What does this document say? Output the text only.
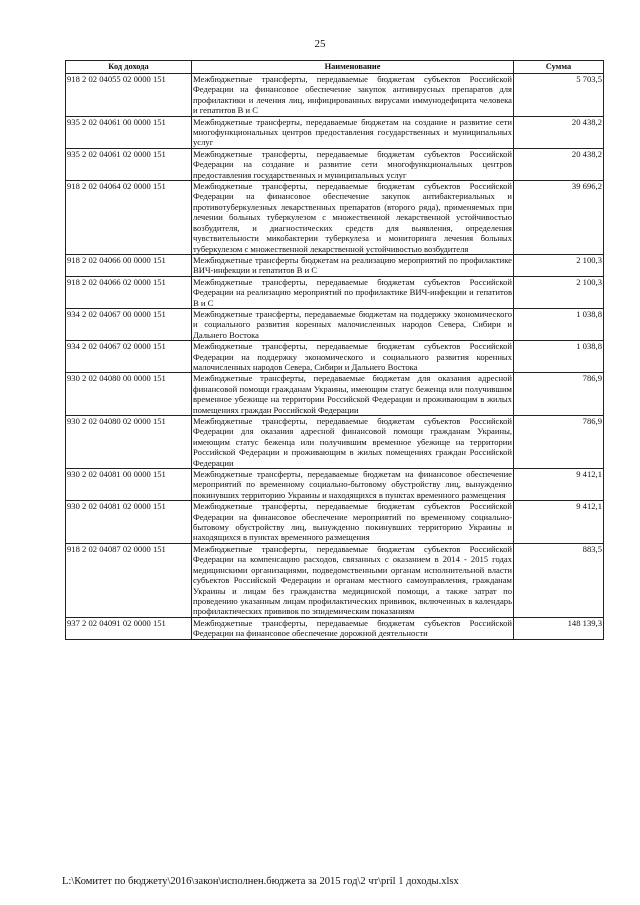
25
Код дохода	Наименование	Сумма
918 2 02 04055 02 0000 151	Межбюджетные трансферты, передаваемые бюджетам субъектов Российской Федерации на финансовое обеспечение закупок антивирусных препаратов для профилактики и лечения лиц, инфицированных вирусами иммунодефицита человека и гепатитов В и С	5 703,5
935 2 02 04061 00 0000 151	Межбюджетные трансферты, передаваемые бюджетам на создание и развитие сети многофункциональных центров предоставления государственных и муниципальных услуг	20 438,2
935 2 02 04061 02 0000 151	Межбюджетные трансферты, передаваемые бюджетам субъектов Российской Федерации на создание и развитие сети многофункциональных центров предоставления государственных и муниципальных услуг	20 438,2
918 2 02 04064 02 0000 151	Межбюджетные трансферты, передаваемые бюджетам субъектов Российской Федерации на финансовое обеспечение закупок антибактериальных и противотуберкулезных лекарственных препаратов (второго ряда), применяемых при лечении больных туберкулезом с множественной лекарственной устойчивостью возбудителя, и диагностических средств для выявления, определения чувствительности микобактерии туберкулеза и мониторинга лечения больных туберкулезом с множественной лекарственной устойчивостью возбудителя	39 696,2
918 2 02 04066 00 0000 151	Межбюджетные трансферты бюджетам на реализацию мероприятий по профилактике ВИЧ-инфекции и гепатитов В и С	2 100,3
918 2 02 04066 02 0000 151	Межбюджетные трансферты, передаваемые бюджетам субъектов Российской Федерации на реализацию мероприятий по профилактике ВИЧ-инфекции и гепатитов В и С	2 100,3
934 2 02 04067 00 0000 151	Межбюджетные трансферты, передаваемые бюджетам на поддержку экономического и социального развития коренных малочисленных народов Севера, Сибири и Дальнего Востока	1 038,8
934 2 02 04067 02 0000 151	Межбюджетные трансферты, передаваемые бюджетам субъектов Российской Федерации на поддержку экономического и социального развития коренных малочисленных народов Севера, Сибири и Дальнего Востока	1 038,8
930 2 02 04080 00 0000 151	Межбюджетные трансферты, передаваемые бюджетам для оказания адресной финансовой помощи гражданам Украины, имеющим статус беженца или получившим временное убежище на территории Российской Федерации и проживающим в жилых помещениях граждан Российской Федерации	786,9
930 2 02 04080 02 0000 151	Межбюджетные трансферты, передаваемые бюджетам субъектов Российской Федерации для оказания адресной финансовой помощи гражданам Украины, имеющим статус беженца или получившим временное убежище на территории Российской Федерации и проживающим в жилых помещениях граждан Российской Федерации	786,9
930 2 02 04081 00 0000 151	Межбюджетные трансферты, передаваемые бюджетам на финансовое обеспечение мероприятий по временному социально-бытовому обустройству лиц, вынужденно покинувших территорию Украины и находящихся в пунктах временного размещения	9 412,1
930 2 02 04081 02 0000 151	Межбюджетные трансферты, передаваемые бюджетам субъектов Российской Федерации на финансовое обеспечение мероприятий по временному социально-бытовому обустройству лиц, вынужденно покинувших территорию Украины и находящихся в пунктах временного размещения	9 412,1
918 2 02 04087 02 0000 151	Межбюджетные трансферты, передаваемые бюджетам субъектов Российской Федерации на компенсацию расходов, связанных с оказанием в 2014 - 2015 годах медицинскими организациями, подведомственными органам исполнительной власти субъектов Российской Федерации и органам местного самоуправления, гражданам Украины и лицам без гражданства медицинской помощи, а также затрат по проведению указанным лицам профилактических прививок, включенных в календарь профилактических прививок по эпидемическим показаниям	883,5
937 2 02 04091 02 0000 151	Межбюджетные трансферты, передаваемые бюджетам субъектов Российской Федерации на финансовое обеспечение дорожной деятельности	148 139,3
L:\Комитет по бюджету\2016\закон\исполнен.бюджета за 2015 год\2 чт\pril 1 доходы.xlsx
